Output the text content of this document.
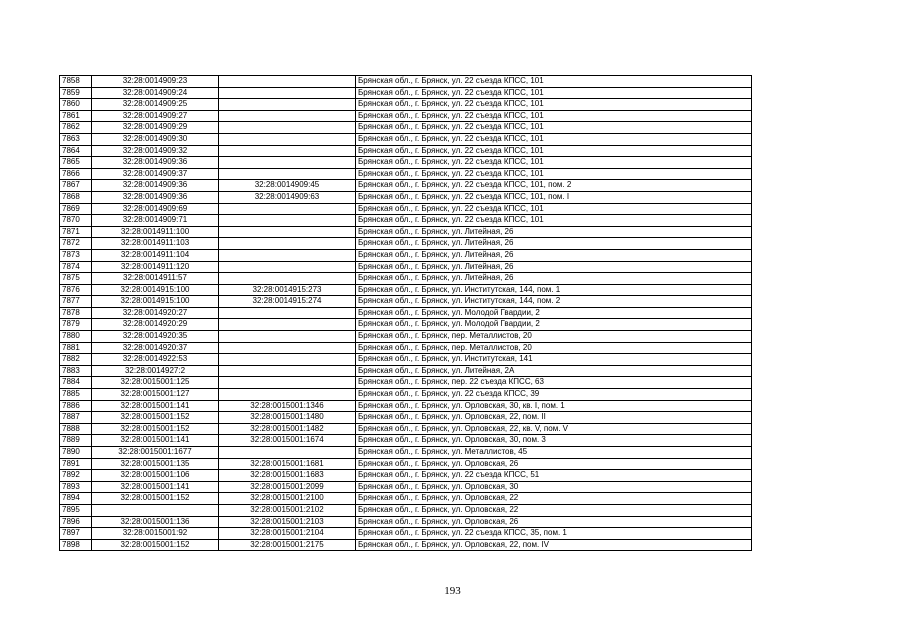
7858	32:28:0014909:23		Брянская обл., г. Брянск, ул. 22 съезда КПСС, 101
7859	32:28:0014909:24		Брянская обл., г. Брянск, ул. 22 съезда КПСС, 101
7860	32:28:0014909:25		Брянская обл., г. Брянск, ул. 22 съезда КПСС, 101
7861	32:28:0014909:27		Брянская обл., г. Брянск, ул. 22 съезда КПСС, 101
7862	32:28:0014909:29		Брянская обл., г. Брянск, ул. 22 съезда КПСС, 101
7863	32:28:0014909:30		Брянская обл., г. Брянск, ул. 22 съезда КПСС, 101
7864	32:28:0014909:32		Брянская обл., г. Брянск, ул. 22 съезда КПСС, 101
7865	32:28:0014909:36		Брянская обл., г. Брянск, ул. 22 съезда КПСС, 101
7866	32:28:0014909:37		Брянская обл., г. Брянск, ул. 22 съезда КПСС, 101
7867	32:28:0014909:36	32:28:0014909:45	Брянская обл., г. Брянск, ул. 22 съезда КПСС, 101, пом. 2
7868	32:28:0014909:36	32:28:0014909:63	Брянская обл., г. Брянск, ул. 22 съезда КПСС, 101, пом. I
7869	32:28:0014909:69		Брянская обл., г. Брянск, ул. 22 съезда КПСС, 101
7870	32:28:0014909:71		Брянская обл., г. Брянск, ул. 22 съезда КПСС, 101
7871	32:28:0014911:100		Брянская обл., г. Брянск, ул. Литейная, 26
7872	32:28:0014911:103		Брянская обл., г. Брянск, ул. Литейная, 26
7873	32:28:0014911:104		Брянская обл., г. Брянск, ул. Литейная, 26
7874	32:28:0014911:120		Брянская обл., г. Брянск, ул. Литейная, 26
7875	32:28:0014911:57		Брянская обл., г. Брянск, ул. Литейная, 26
7876	32:28:0014915:100	32:28:0014915:273	Брянская обл., г. Брянск, ул. Институтская, 144, пом. 1
7877	32:28:0014915:100	32:28:0014915:274	Брянская обл., г. Брянск, ул. Институтская, 144, пом. 2
7878	32:28:0014920:27		Брянская обл., г. Брянск, ул. Молодой Гвардии, 2
7879	32:28:0014920:29		Брянская обл., г. Брянск, ул. Молодой Гвардии, 2
7880	32:28:0014920:35		Брянская обл., г. Брянск, пер. Металлистов, 20
7881	32:28:0014920:37		Брянская обл., г. Брянск, пер. Металлистов, 20
7882	32:28:0014922:53		Брянская обл., г. Брянск, ул. Институтская, 141
7883	32:28:0014927:2		Брянская обл., г. Брянск, ул. Литейная, 2А
7884	32:28:0015001:125		Брянская обл., г. Брянск, пер. 22 съезда КПСС, 63
7885	32:28:0015001:127		Брянская обл., г. Брянск, ул. 22 съезда КПСС, 39
7886	32:28:0015001:141	32:28:0015001:1346	Брянская обл., г. Брянск, ул. Орловская, 30, кв. I, пом. 1
7887	32:28:0015001:152	32:28:0015001:1480	Брянская обл., г. Брянск, ул. Орловская, 22, пом. II
7888	32:28:0015001:152	32:28:0015001:1482	Брянская обл., г. Брянск, ул. Орловская, 22, кв. V, пом. V
7889	32:28:0015001:141	32:28:0015001:1674	Брянская обл., г. Брянск, ул. Орловская, 30, пом. 3
7890	32:28:0015001:1677		Брянская обл., г. Брянск, ул. Металлистов, 45
7891	32:28:0015001:135	32:28:0015001:1681	Брянская обл., г. Брянск, ул. Орловская, 26
7892	32:28:0015001:106	32:28:0015001:1683	Брянская обл., г. Брянск, ул. 22 съезда КПСС, 51
7893	32:28:0015001:141	32:28:0015001:2099	Брянская обл., г. Брянск, ул. Орловская, 30
7894	32:28:0015001:152	32:28:0015001:2100	Брянская обл., г. Брянск, ул. Орловская, 22
7895		32:28:0015001:2102	Брянская обл., г. Брянск, ул. Орловская, 22
7896	32:28:0015001:136	32:28:0015001:2103	Брянская обл., г. Брянск, ул. Орловская, 26
7897	32:28:0015001:92	32:28:0015001:2104	Брянская обл., г. Брянск, ул. 22 съезда КПСС, 35, пом. 1
7898	32:28:0015001:152	32:28:0015001:2175	Брянская обл., г. Брянск, ул. Орловская, 22, пом. IV
193
